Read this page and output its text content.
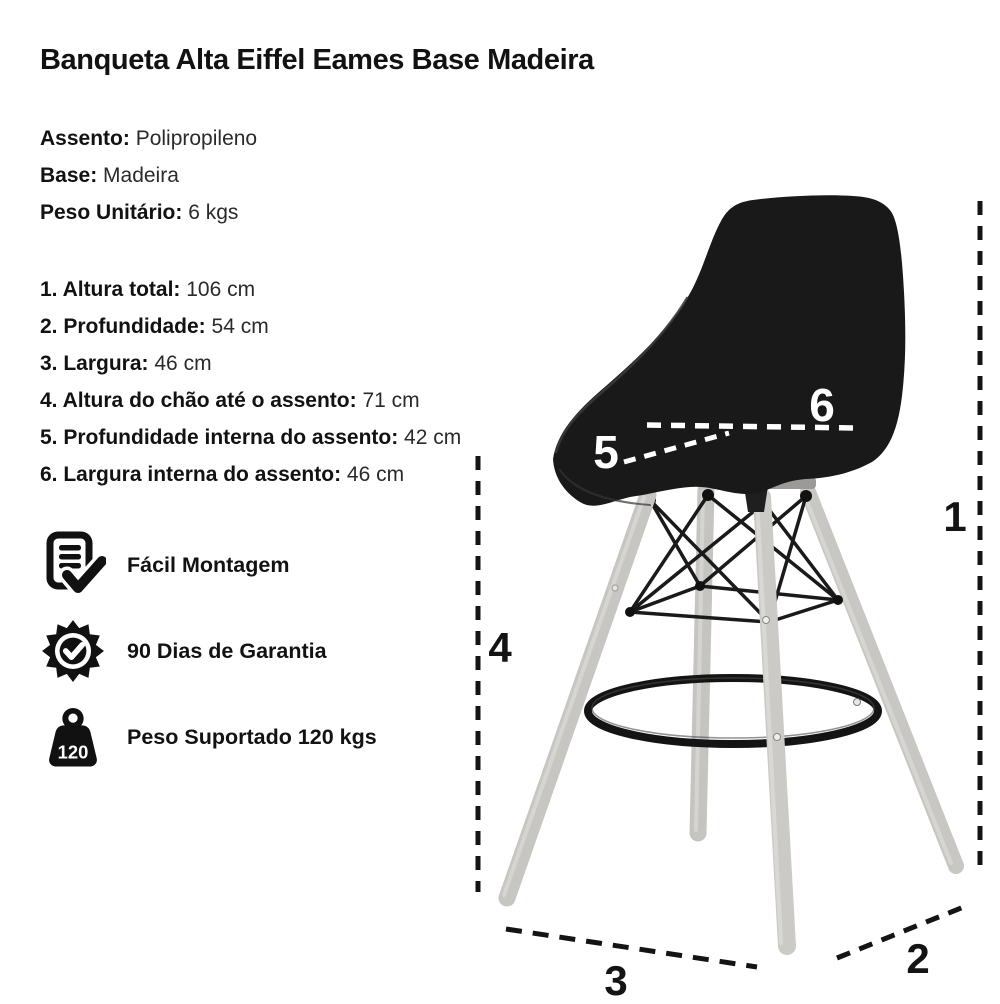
Banqueta Alta Eiffel Eames Base Madeira
Assento: Polipropileno
Base: Madeira
Peso Unitário: 6 kgs
1. Altura total: 106 cm
2. Profundidade: 54 cm
3. Largura: 46 cm
4. Altura do chão até o assento: 71 cm
5. Profundidade interna do assento: 42 cm
6. Largura interna do assento: 46 cm
Fácil Montagem
90 Dias de Garantia
120
Peso Suportado 120 kgs
1
2
3
4
5
6
